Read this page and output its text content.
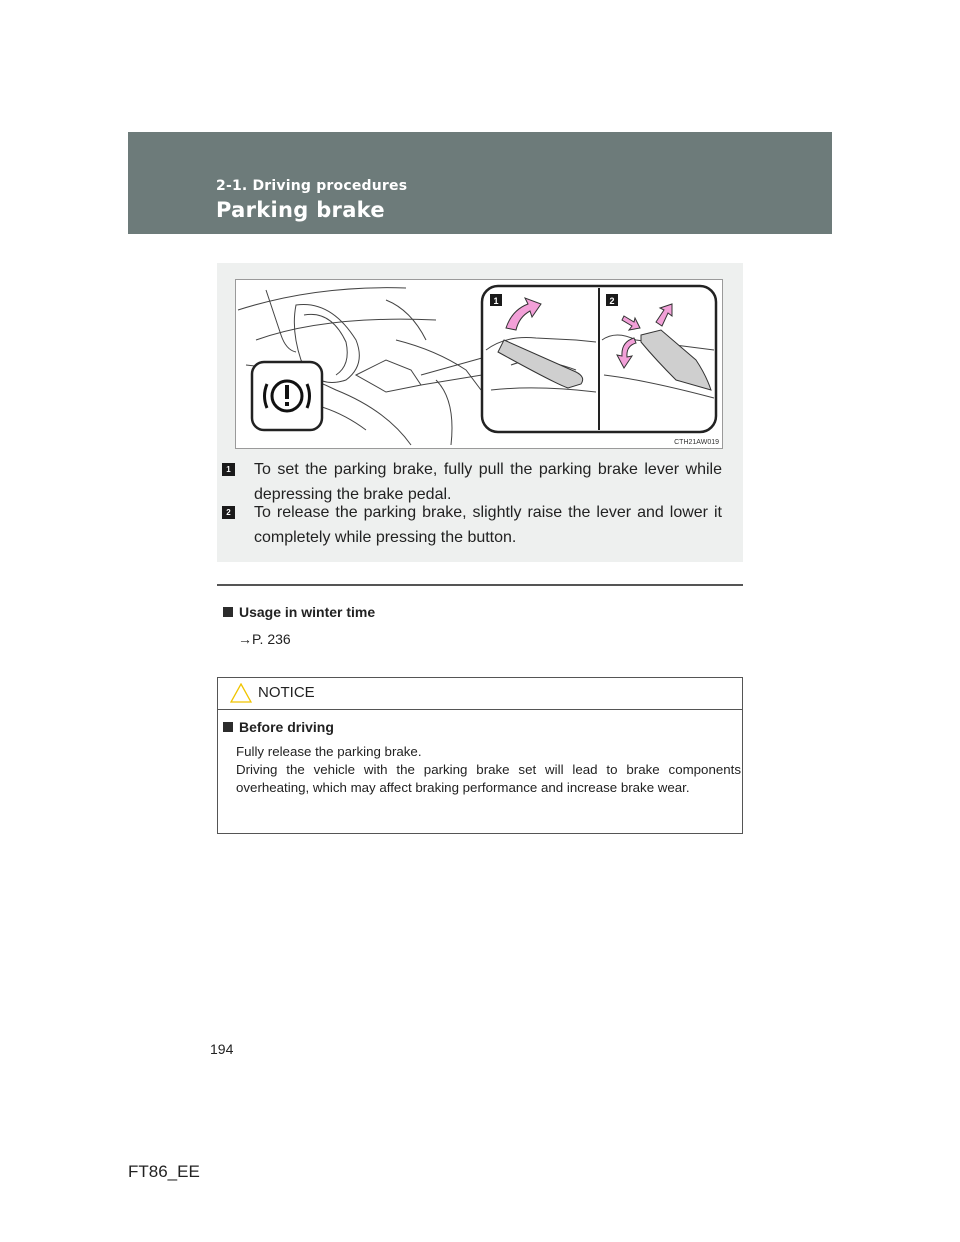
2-1. Driving procedures
Parking brake
1	2
CTH21AW019
1 To set the parking brake, fully pull the parking brake lever while depressing the brake pedal.
2 To release the parking brake, slightly raise the lever and lower it completely while pressing the button.
Usage in winter time
→P. 236
NOTICE
Before driving
Fully release the parking brake.
Driving the vehicle with the parking brake set will lead to brake components overheating, which may affect braking performance and increase brake wear.
194
FT86_EE
